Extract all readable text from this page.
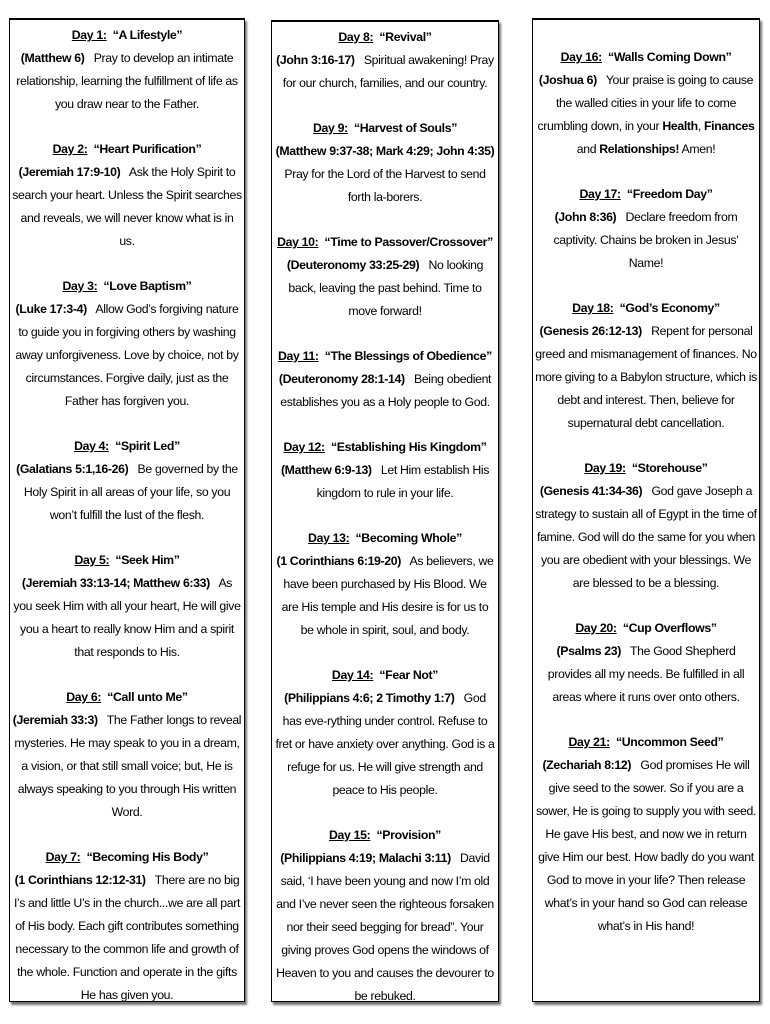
Day 1: “A Lifestyle”
(Matthew 6) Pray to develop an intimate relationship, learning the fulfillment of life as you draw near to the Father.

Day 2: “Heart Purification”
(Jeremiah 17:9-10) Ask the Holy Spirit to search your heart. Unless the Spirit searches and reveals, we will never know what is in us.

Day 3: “Love Baptism”
(Luke 17:3-4) Allow God’s forgiving nature to guide you in forgiving others by washing away unforgiveness. Love by choice, not by circumstances. Forgive daily, just as the Father has forgiven you.

Day 4: “Spirit Led”
(Galatians 5:1,16-26) Be governed by the Holy Spirit in all areas of your life, so you won’t fulfill the lust of the flesh.

Day 5: “Seek Him”
(Jeremiah 33:13-14; Matthew 6:33) As you seek Him with all your heart, He will give you a heart to really know Him and a spirit that responds to His.

Day 6: “Call unto Me”
(Jeremiah 33:3) The Father longs to reveal mysteries. He may speak to you in a dream, a vision, or that still small voice; but, He is always speaking to you through His written Word.

Day 7: “Becoming His Body”
(1 Corinthians 12:12-31) There are no big I’s and little U’s in the church...we are all part of His body. Each gift contributes something necessary to the common life and growth of the whole. Function and operate in the gifts He has given you.

Day 8: “Revival”
(John 3:16-17) Spiritual awakening! Pray for our church, families, and our country.

Day 9: “Harvest of Souls”
(Matthew 9:37-38; Mark 4:29; John 4:35) Pray for the Lord of the Harvest to send forth la-borers.

Day 10: “Time to Passover/Crossover”
(Deuteronomy 33:25-29) No looking back, leaving the past behind. Time to move forward!

Day 11: “The Blessings of Obedience”
(Deuteronomy 28:1-14) Being obedient establishes you as a Holy people to God.

Day 12: “Establishing His Kingdom”
(Matthew 6:9-13) Let Him establish His kingdom to rule in your life.

Day 13: “Becoming Whole”
(1 Corinthians 6:19-20) As believers, we have been purchased by His Blood. We are His temple and His desire is for us to be whole in spirit, soul, and body.

Day 14: “Fear Not”
(Philippians 4:6; 2 Timothy 1:7) God has eve-rything under control. Refuse to fret or have anxiety over anything. God is a refuge for us. He will give strength and peace to His people.

Day 15: “Provision”
(Philippians 4:19; Malachi 3:11) David said, ‘I have been young and now I’m old and I’ve never seen the righteous forsaken nor their seed begging for bread”. Your giving proves God opens the windows of Heaven to you and causes the devourer to be rebuked.

Day 16: “Walls Coming Down”
(Joshua 6) Your praise is going to cause the walled cities in your life to come crumbling down, in your Health, Finances and Relationships! Amen!

Day 17: “Freedom Day”
(John 8:36) Declare freedom from captivity. Chains be broken in Jesus’ Name!

Day 18: “God’s Economy”
(Genesis 26:12-13) Repent for personal greed and mismanagement of finances. No more giving to a Babylon structure, which is debt and interest. Then, believe for supernatural debt cancellation.

Day 19: “Storehouse”
(Genesis 41:34-36) God gave Joseph a strategy to sustain all of Egypt in the time of famine. God will do the same for you when you are obedient with your blessings. We are blessed to be a blessing.

Day 20: “Cup Overflows”
(Psalms 23) The Good Shepherd provides all my needs. Be fulfilled in all areas where it runs over onto others.

Day 21: “Uncommon Seed”
(Zechariah 8:12) God promises He will give seed to the sower. So if you are a sower, He is going to supply you with seed. He gave His best, and now we in return give Him our best. How badly do you want God to move in your life? Then release what’s in your hand so God can release what’s in His hand!
